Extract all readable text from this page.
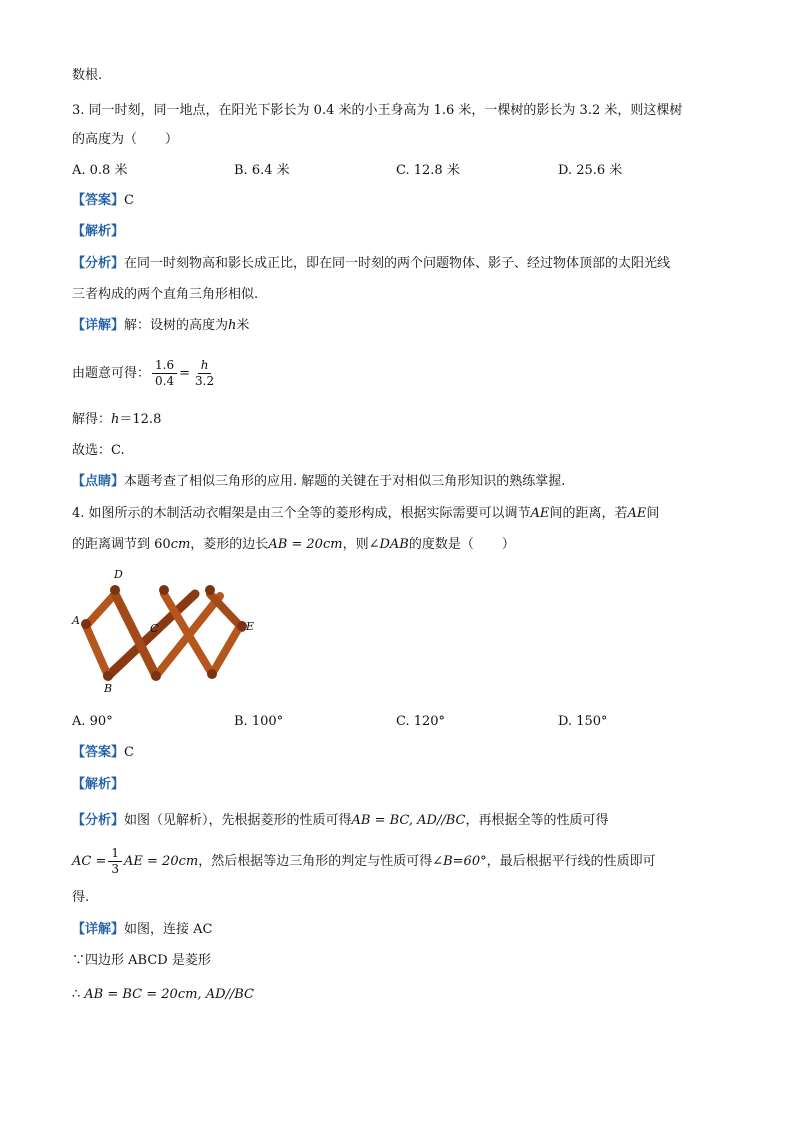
数根.
3. 同一时刻，同一地点，在阳光下影长为 0.4 米的小王身高为 1.6 米，一棵树的影长为 3.2 米，则这棵树
的高度为（ ）
A. 0.8 米	B. 6.4 米	C. 12.8 米	D. 25.6 米
【答案】C
【解析】
【分析】在同一时刻物高和影长成正比，即在同一时刻的两个问题物体、影子、经过物体顶部的太阳光线
三者构成的两个直角三角形相似.
【详解】解：设树的高度为h米
由题意可得： $\frac{1.6}{0.4} = \frac{h}{3.2}$
解得：h＝12.8
故选：C.
【点睛】本题考查了相似三角形的应用. 解题的关键在于对相似三角形知识的熟练掌握.
4. 如图所示的木制活动衣帽架是由三个全等的菱形构成，根据实际需要可以调节AE间的距离，若AE间
的距离调节到 60cm，菱形的边长AB = 20cm，则∠DAB的度数是（ ）
D
A
C	E
B
A. 90°	B. 100°	C. 120°	D. 150°
【答案】C
【解析】
【分析】如图（见解析），先根据菱形的性质可得AB = BC, AD//BC，再根据全等的性质可得
AC = $\frac{1}{3}$ AE = 20cm，然后根据等边三角形的判定与性质可得∠B=60°，最后根据平行线的性质即可
得.
【详解】如图，连接 AC
∵四边形 ABCD 是菱形
∴ AB = BC = 20cm, AD//BC
